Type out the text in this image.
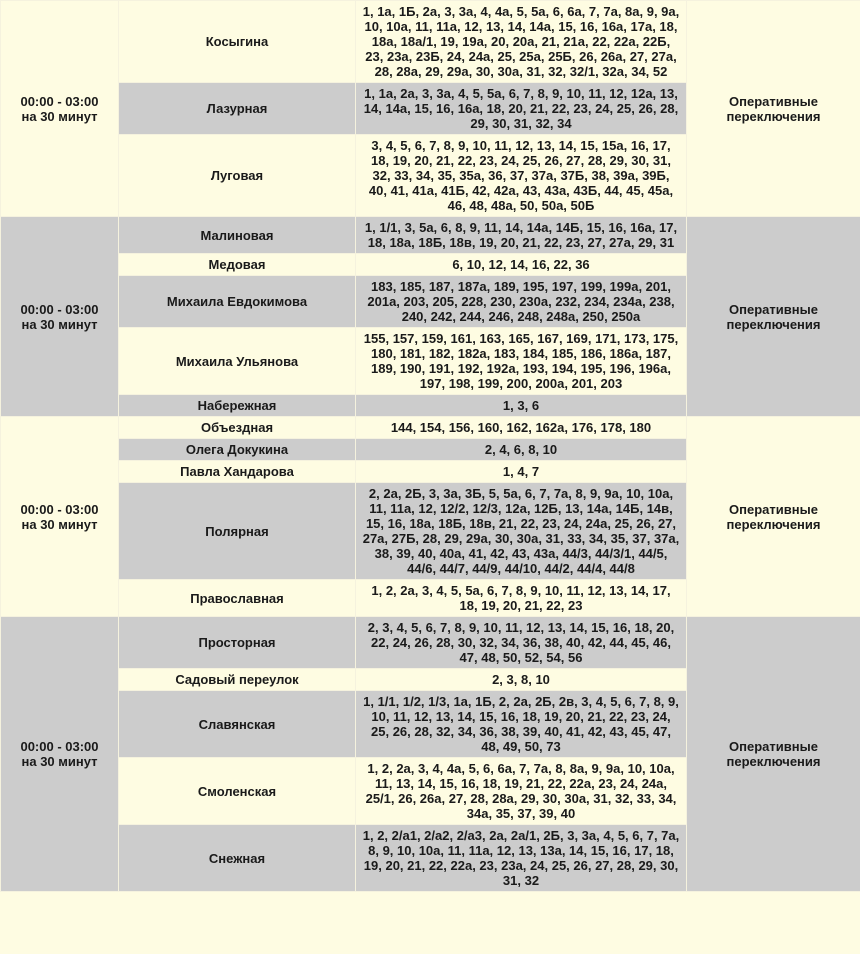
00:00 - 03:00
на 30 минут	Косыгина	1, 1а, 1Б, 2а, 3, 3а, 4, 4а, 5, 5а, 6, 6а, 7, 7а, 8а, 9, 9а, 10, 10а, 11, 11а, 12, 13, 14, 14а, 15, 16, 16а, 17а, 18, 18а, 18а/1, 19, 19а, 20, 20а, 21, 21а, 22, 22а, 22Б, 23, 23а, 23Б, 24, 24а, 25, 25а, 25Б, 26, 26а, 27, 27а, 28, 28а, 29, 29а, 30, 30а, 31, 32, 32/1, 32а, 34, 52	Оперативные переключения
	Лазурная	1, 1а, 2а, 3, 3а, 4, 5, 5а, 6, 7, 8, 9, 10, 11, 12, 12а, 13, 14, 14а, 15, 16, 16а, 18, 20, 21, 22, 23, 24, 25, 26, 28, 29, 30, 31, 32, 34	
	Луговая	3, 4, 5, 6, 7, 8, 9, 10, 11, 12, 13, 14, 15, 15а, 16, 17, 18, 19, 20, 21, 22, 23, 24, 25, 26, 27, 28, 29, 30, 31, 32, 33, 34, 35, 35а, 36, 37, 37а, 37Б, 38, 39а, 39Б, 40, 41, 41а, 41Б, 42, 42а, 43, 43а, 43Б, 44, 45, 45а, 46, 48, 48а, 50, 50а, 50Б	

00:00 - 03:00
на 30 минут	Малиновая	1, 1/1, 3, 5а, 6, 8, 9, 11, 14, 14а, 14Б, 15, 16, 16а, 17, 18, 18а, 18Б, 18в, 19, 20, 21, 22, 23, 27, 27а, 29, 31	Оперативные переключения
	Медовая	6, 10, 12, 14, 16, 22, 36	
	Михаила Евдокимова	183, 185, 187, 187а, 189, 195, 197, 199, 199а, 201, 201а, 203, 205, 228, 230, 230а, 232, 234, 234а, 238, 240, 242, 244, 246, 248, 248а, 250, 250а	
	Михаила Ульянова	155, 157, 159, 161, 163, 165, 167, 169, 171, 173, 175, 180, 181, 182, 182а, 183, 184, 185, 186, 186а, 187, 189, 190, 191, 192, 192а, 193, 194, 195, 196, 196а, 197, 198, 199, 200, 200а, 201, 203	
	Набережная	1, 3, 6	

00:00 - 03:00
на 30 минут	Объездная	144, 154, 156, 160, 162, 162а, 176, 178, 180	Оперативные переключения
	Олега Докукина	2, 4, 6, 8, 10	
	Павла Хандарова	1, 4, 7	
	Полярная	2, 2а, 2Б, 3, 3а, 3Б, 5, 5а, 6, 7, 7а, 8, 9, 9а, 10, 10а, 11, 11а, 12, 12/2, 12/3, 12а, 12Б, 13, 14а, 14Б, 14в, 15, 16, 18а, 18Б, 18в, 21, 22, 23, 24, 24а, 25, 26, 27, 27а, 27Б, 28, 29, 29а, 30, 30а, 31, 33, 34, 35, 37, 37а, 38, 39, 40, 40а, 41, 42, 43, 43а, 44/3, 44/3/1, 44/5, 44/6, 44/7, 44/9, 44/10, 44/2, 44/4, 44/8	
	Православная	1, 2, 2а, 3, 4, 5, 5а, 6, 7, 8, 9, 10, 11, 12, 13, 14, 17, 18, 19, 20, 21, 22, 23	

00:00 - 03:00
на 30 минут	Просторная	2, 3, 4, 5, 6, 7, 8, 9, 10, 11, 12, 13, 14, 15, 16, 18, 20, 22, 24, 26, 28, 30, 32, 34, 36, 38, 40, 42, 44, 45, 46, 47, 48, 50, 52, 54, 56	Оперативные переключения
	Садовый переулок	2, 3, 8, 10	
	Славянская	1, 1/1, 1/2, 1/3, 1а, 1Б, 2, 2а, 2Б, 2в, 3, 4, 5, 6, 7, 8, 9, 10, 11, 12, 13, 14, 15, 16, 18, 19, 20, 21, 22, 23, 24, 25, 26, 28, 32, 34, 36, 38, 39, 40, 41, 42, 43, 45, 47, 48, 49, 50, 73	
	Смоленская	1, 2, 2а, 3, 4, 4а, 5, 6, 6а, 7, 7а, 8, 8а, 9, 9а, 10, 10а, 11, 13, 14, 15, 16, 18, 19, 21, 22, 22а, 23, 24, 24а, 25/1, 26, 26а, 27, 28, 28а, 29, 30, 30а, 31, 32, 33, 34, 34а, 35, 37, 39, 40	
	Снежная	1, 2, 2/а1, 2/а2, 2/а3, 2а, 2а/1, 2Б, 3, 3а, 4, 5, 6, 7, 7а, 8, 9, 10, 10а, 11, 11а, 12, 13, 13а, 14, 15, 16, 17, 18, 19, 20, 21, 22, 22а, 23, 23а, 24, 25, 26, 27, 28, 29, 30, 31, 32	
